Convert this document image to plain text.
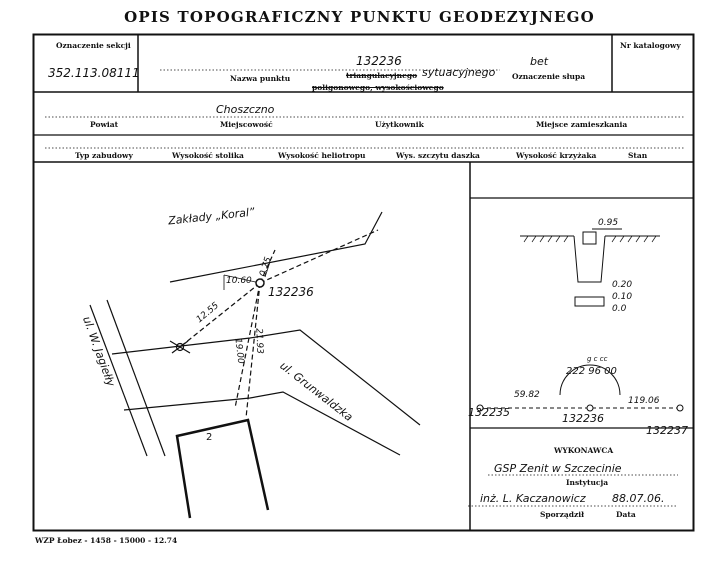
OPIS TOPOGRAFICZNY PUNKTU GEODEZYJNEGO
Oznaczenie sekcji
352.113.08111
132236
Nazwa punktu	triangulacyjnego sytuacyjnego
poligonowego, wysokościowego
bet
Oznaczenie słupa
Nr katalogowy
Choszczno
Powiat	Miejscowość	Użytkownik	Miejsce zamieszkania
Typ zabudowy	Wysokość stolika	Wysokość heliotropu	Wys. szczytu daszka	Wysokość krzyżaka	Stan
Zakłady „Koral”
ul. W. Jagiełły
ul. Grunwaldzka
132236
2
10.60
0.75
12.55
19.00 21.93
0.95
0.20
0.10
0.0
g c cc
222 96 00
59.82
119.06
132235	132236
132237
WYKONAWCA
GSP Zenit w Szczecinie
Instytucja
inż. L. Kaczanowicz 88.07.06.
Sporządził	Data
WZP Łobez - 1458 - 15000 - 12.74
